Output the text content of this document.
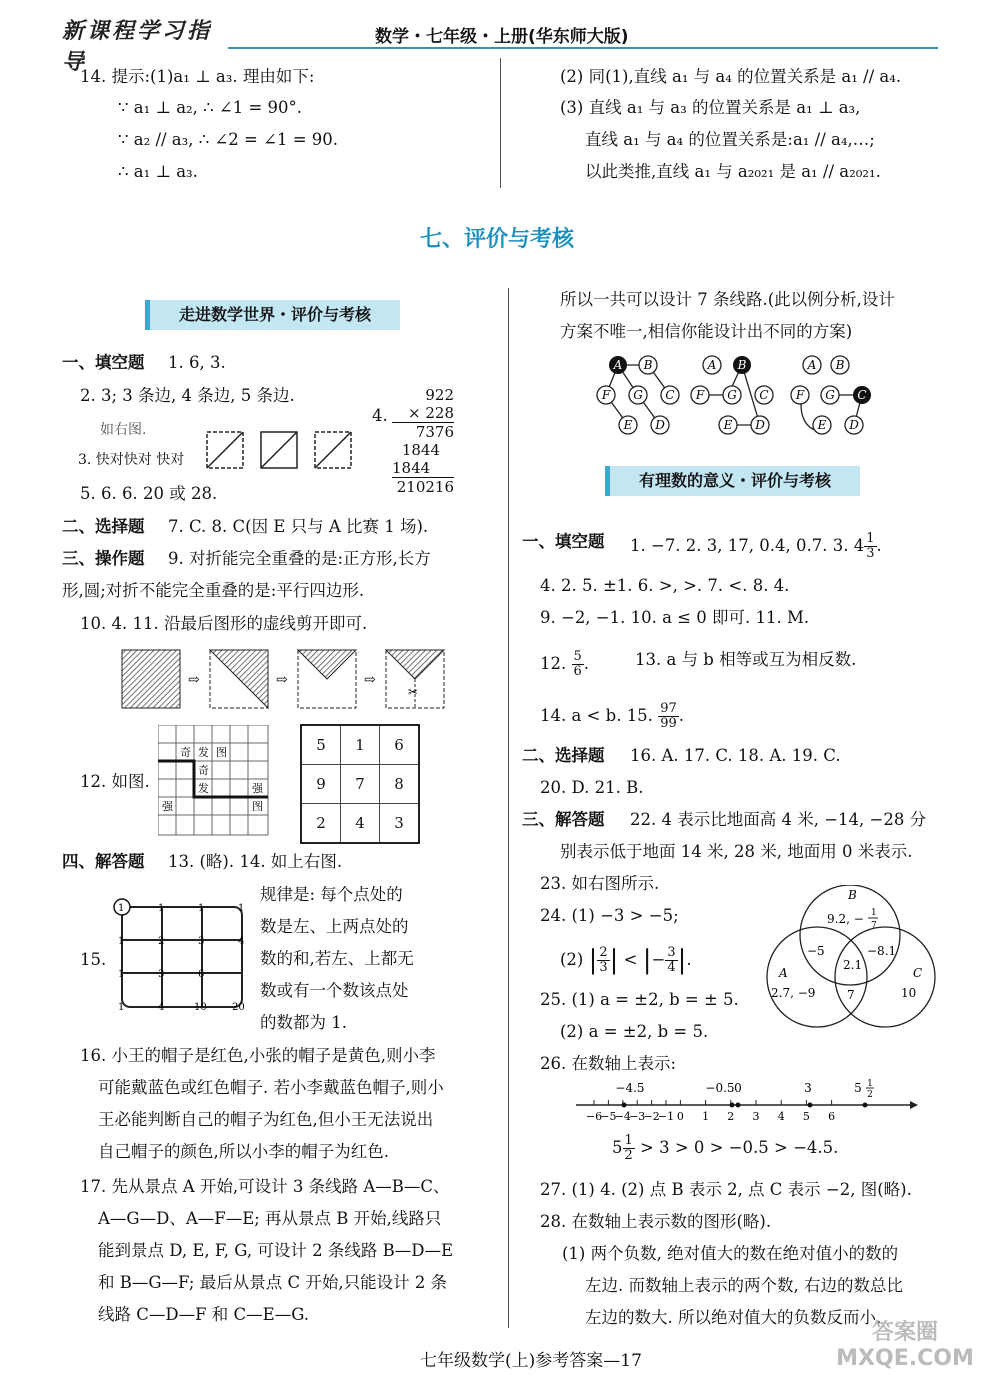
新课程学习指导
数学・七年级・上册(华东师大版)
14. 提示:(1)a₁ ⊥ a₃. 理由如下:
∵ a₁ ⊥ a₂, ∴ ∠1 = 90°.
∵ a₂ // a₃, ∴ ∠2 = ∠1 = 90.
∴ a₁ ⊥ a₃.
(2) 同(1),直线 a₁ 与 a₄ 的位置关系是 a₁ // a₄.
(3) 直线 a₁ 与 a₃ 的位置关系是 a₁ ⊥ a₃,
直线 a₁ 与 a₄ 的位置关系是:a₁ // a₄,…;
以此类推,直线 a₁ 与 a₂₀₂₁ 是 a₁ // a₂₀₂₁.
七、评价与考核
走进数学世界・评价与考核
一、填空题 1. 6, 3.
2. 3; 3 条边, 4 条边, 5 条边.
如右图.
3. 快对快对 快对
4.
922
× 228
7376
1844
1844
210216
5. 6. 6. 20 或 28.
二、选择题 7. C. 8. C(因 E 只与 A 比赛 1 场).
三、操作题 9. 对折能完全重叠的是:正方形,长方
形,圆;对折不能完全重叠的是:平行四边形.
10. 4. 11. 沿最后图形的虚线剪开即可.
⇨	⇨	⇨
✂
12. 如图.
奇 发 图
奇
发
强
强
图
5	1	6
9	7	8
2	4	3
四、解答题 13. (略). 14. 如上右图.
15.
1	1	1	1
1	2	3	4
1	3	6
1	4	10	20
规律是: 每个点处的
数是左、上两点处的
数的和,若左、上都无
数或有一个数该点处
的数都为 1.
16. 小王的帽子是红色,小张的帽子是黄色,则小李
可能戴蓝色或红色帽子. 若小李戴蓝色帽子,则小
王必能判断自己的帽子为红色,但小王无法说出
自己帽子的颜色,所以小李的帽子为红色.
17. 先从景点 A 开始,可设计 3 条线路 A—B—C、
A—G—D、A—F—E; 再从景点 B 开始,线路只
能到景点 D, E, F, G, 可设计 2 条线路 B—D—E
和 B—G—F; 最后从景点 C 开始,只能设计 2 条
线路 C—D—F 和 C—E—G.
所以一共可以设计 7 条线路.(此以例分析,设计
方案不唯一,相信你能设计出不同的方案)
A B
F G C
E D
A B
F G C
E D
A B
F G C
E D
有理数的意义・评价与考核
一、填空题 1. −7. 2. 3, 17, 0.4, 0.7. 3. $4 \frac{1}{3}$ .
4. 2. 5. ±1. 6. >, >. 7. <. 8. 4.
9. −2, −1. 10. a ≤ 0 即可. 11. M.
12. $\frac{5}{6}$ .	13. a 与 b 相等或互为相反数.
14. a < b. 15. $\frac{97}{99}$ .
二、选择题 16. A. 17. C. 18. A. 19. C.
20. D. 21. B.
三、解答题 22. 4 表示比地面高 4 米, −14, −28 分
别表示低于地面 14 米, 28 米, 地面用 0 米表示.
23. 如右图所示.
24. (1) −3 > −5;
(2) | $\frac{2}{3}$ | < |− $\frac{3}{4}$ |.
25. (1) a = ±2, b = ± 5.
(2) a = ±2, b = 5.
26. 在数轴上表示:
B
A	C
9.2, − 1
7
−5	−8.1
2.1
2.7, −9	7	10
−4.5	−0.5 0	3	5 1
2
−6
−5
−4
−3
−2
−1 0 1 2 3 4 5 6
$5 \frac{1}{2} > 3 > 0 > -0.5 > -4.5$.
27. (1) 4. (2) 点 B 表示 2, 点 C 表示 −2, 图(略).
28. 在数轴上表示数的图形(略).
(1) 两个负数, 绝对值大的数在绝对值小的数的
左边. 而数轴上表示的两个数, 右边的数总比
左边的数大. 所以绝对值大的负数反而小.
七年级数学(上)参考答案—17
答案圈 MXQE.COM
